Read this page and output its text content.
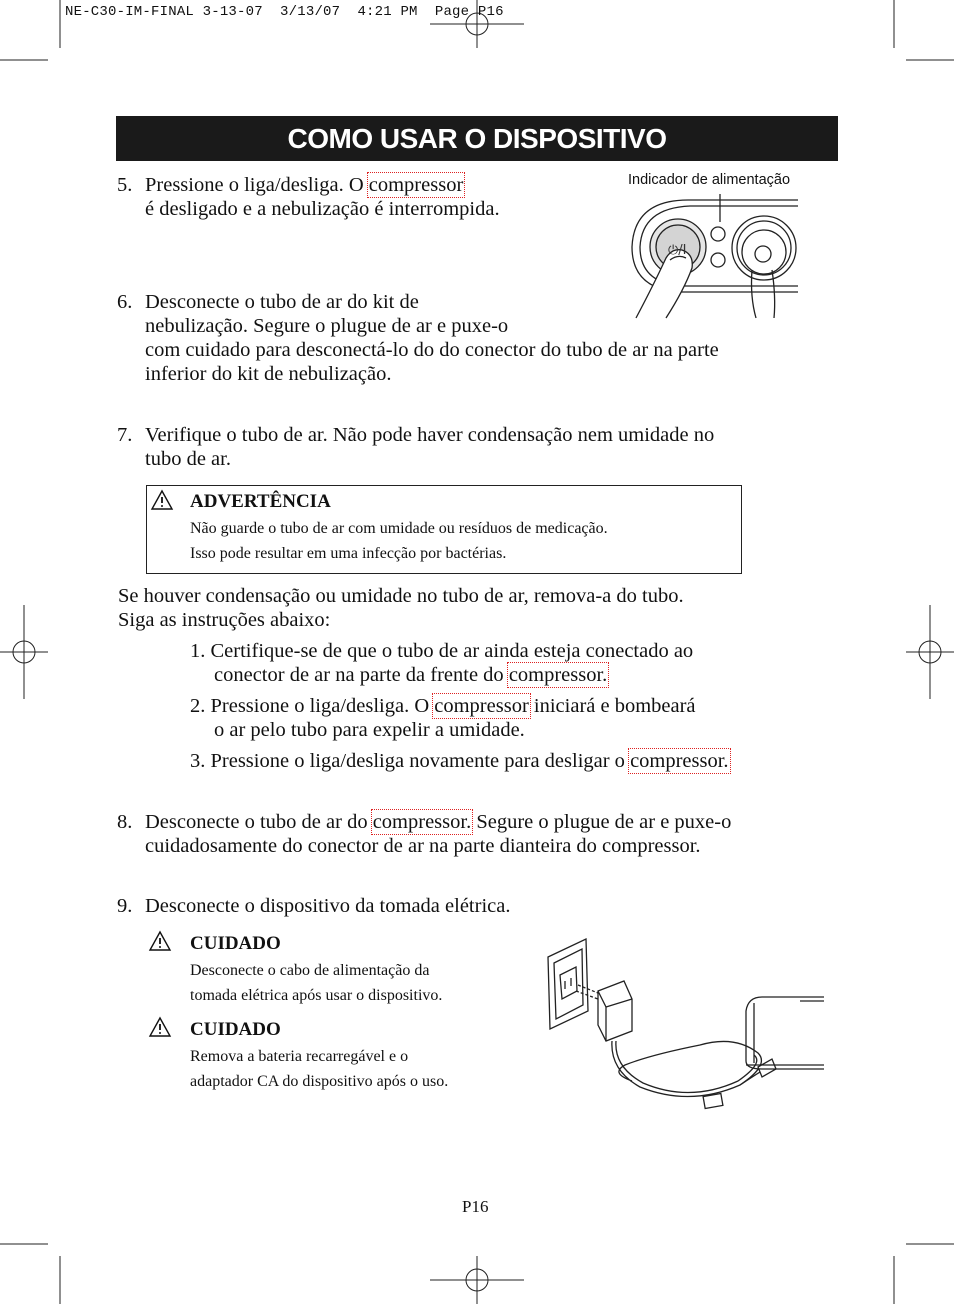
NE-C30-IM-FINAL 3-13-07  3/13/07  4:21 PM  Page P16
COMO USAR O DISPOSITIVO
5. Pressione o liga/desliga. O compressor
é desligado e a nebulização é interrompida.
Indicador de alimentação
⏻/I
6. Desconecte o tubo de ar do kit de
nebulização. Segure o plugue de ar e puxe-o
com cuidado para desconectá-lo do do conector do tubo de ar na parte
inferior do kit de nebulização.
7. Verifique o tubo de ar. Não pode haver condensação nem umidade no
tubo de ar.
ADVERTÊNCIA
Não guarde o tubo de ar com umidade ou resíduos de medicação.
Isso pode resultar em uma infecção por bactérias.
Se houver condensação ou umidade no tubo de ar, remova-a do tubo.
Siga as instruções abaixo:
1. Certifique-se de que o tubo de ar ainda esteja conectado ao
conector de ar na parte da frente do compressor.
2. Pressione o liga/desliga. O compressor iniciará e bombeará
o ar pelo tubo para expelir a umidade.
3. Pressione o liga/desliga novamente para desligar o compressor.
8. Desconecte o tubo de ar do compressor. Segure o plugue de ar e puxe-o
cuidadosamente do conector de ar na parte dianteira do compressor.
9. Desconecte o dispositivo da tomada elétrica.
CUIDADO
Desconecte o cabo de alimentação da
tomada elétrica após usar o dispositivo.
CUIDADO
Remova a bateria recarregável e o
adaptador CA do dispositivo após o uso.
P16
